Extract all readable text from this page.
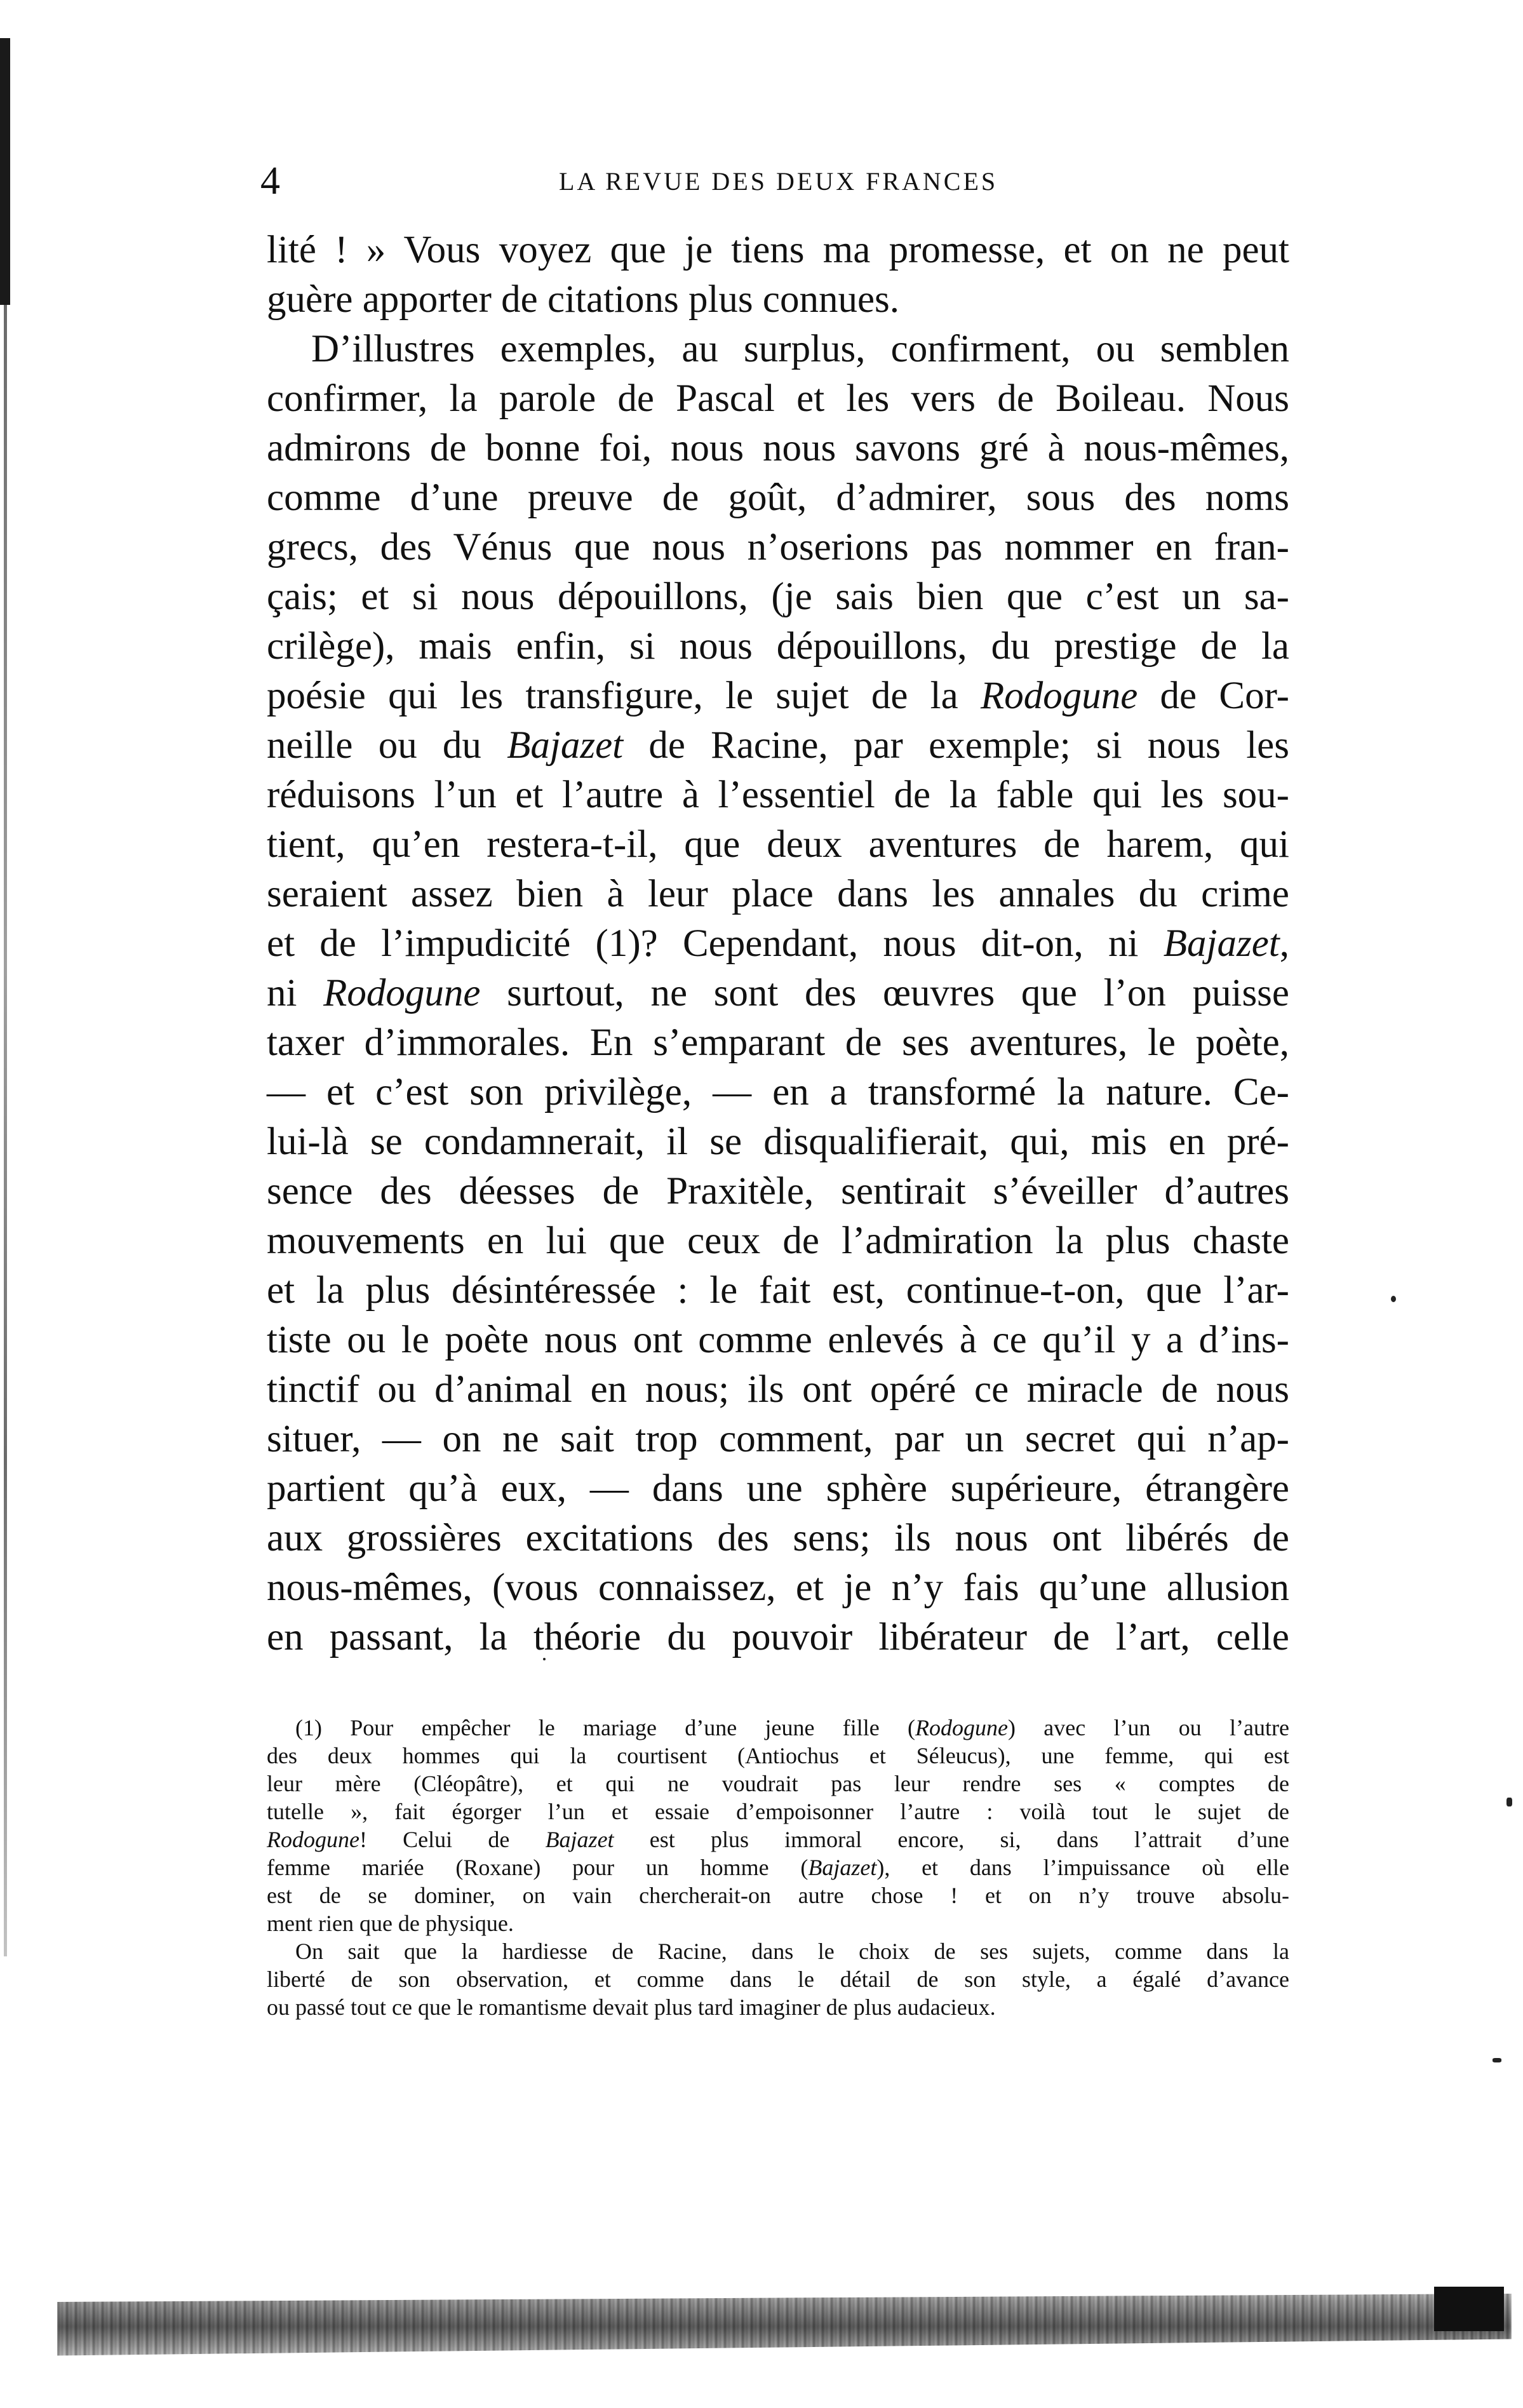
4	LA REVUE DES DEUX FRANCES
lité ! » Vous voyez que je tiens ma promesse, et on ne peut
guère apporter de citations plus connues.
D’illustres exemples, au surplus, confirment, ou semblen
confirmer, la parole de Pascal et les vers de Boileau. Nous
admirons de bonne foi, nous nous savons gré à nous-mêmes,
comme d’une preuve de goût, d’admirer, sous des noms
grecs, des Vénus que nous n’oserions pas nommer en fran-
çais; et si nous dépouillons, (je sais bien que c’est un sa-
crilège), mais enfin, si nous dépouillons, du prestige de la
poésie qui les transfigure, le sujet de la Rodogune de Cor-
neille ou du Bajazet de Racine, par exemple; si nous les
réduisons l’un et l’autre à l’essentiel de la fable qui les sou-
tient, qu’en restera-t-il, que deux aventures de harem, qui
seraient assez bien à leur place dans les annales du crime
et de l’impudicité (1)? Cependant, nous dit-on, ni Bajazet,
ni Rodogune surtout, ne sont des œuvres que l’on puisse
taxer d’immorales. En s’emparant de ses aventures, le poète,
— et c’est son privilège, — en a transformé la nature. Ce-
lui-là se condamnerait, il se disqualifierait, qui, mis en pré-
sence des déesses de Praxitèle, sentirait s’éveiller d’autres
mouvements en lui que ceux de l’admiration la plus chaste
et la plus désintéressée : le fait est, continue-t-on, que l’ar-
tiste ou le poète nous ont comme enlevés à ce qu’il y a d’ins-
tinctif ou d’animal en nous; ils ont opéré ce miracle de nous
situer, — on ne sait trop comment, par un secret qui n’ap-
partient qu’à eux, — dans une sphère supérieure, étrangère
aux grossières excitations des sens; ils nous ont libérés de
nous-mêmes, (vous connaissez, et je n’y fais qu’une allusion
en passant, la théorie du pouvoir libérateur de l’art, celle
(1) Pour empêcher le mariage d’une jeune fille (Rodogune) avec l’un ou l’autre
des deux hommes qui la courtisent (Antiochus et Séleucus), une femme, qui est
leur mère (Cléopâtre), et qui ne voudrait pas leur rendre ses « comptes de
tutelle », fait égorger l’un et essaie d’empoisonner l’autre : voilà tout le sujet de
Rodogune! Celui de Bajazet est plus immoral encore, si, dans l’attrait d’une
femme mariée (Roxane) pour un homme (Bajazet), et dans l’impuissance où elle
est de se dominer, on vain chercherait-on autre chose ! et on n’y trouve absolu-
ment rien que de physique.
On sait que la hardiesse de Racine, dans le choix de ses sujets, comme dans la
liberté de son observation, et comme dans le détail de son style, a égalé d’avance
ou passé tout ce que le romantisme devait plus tard imaginer de plus audacieux.
